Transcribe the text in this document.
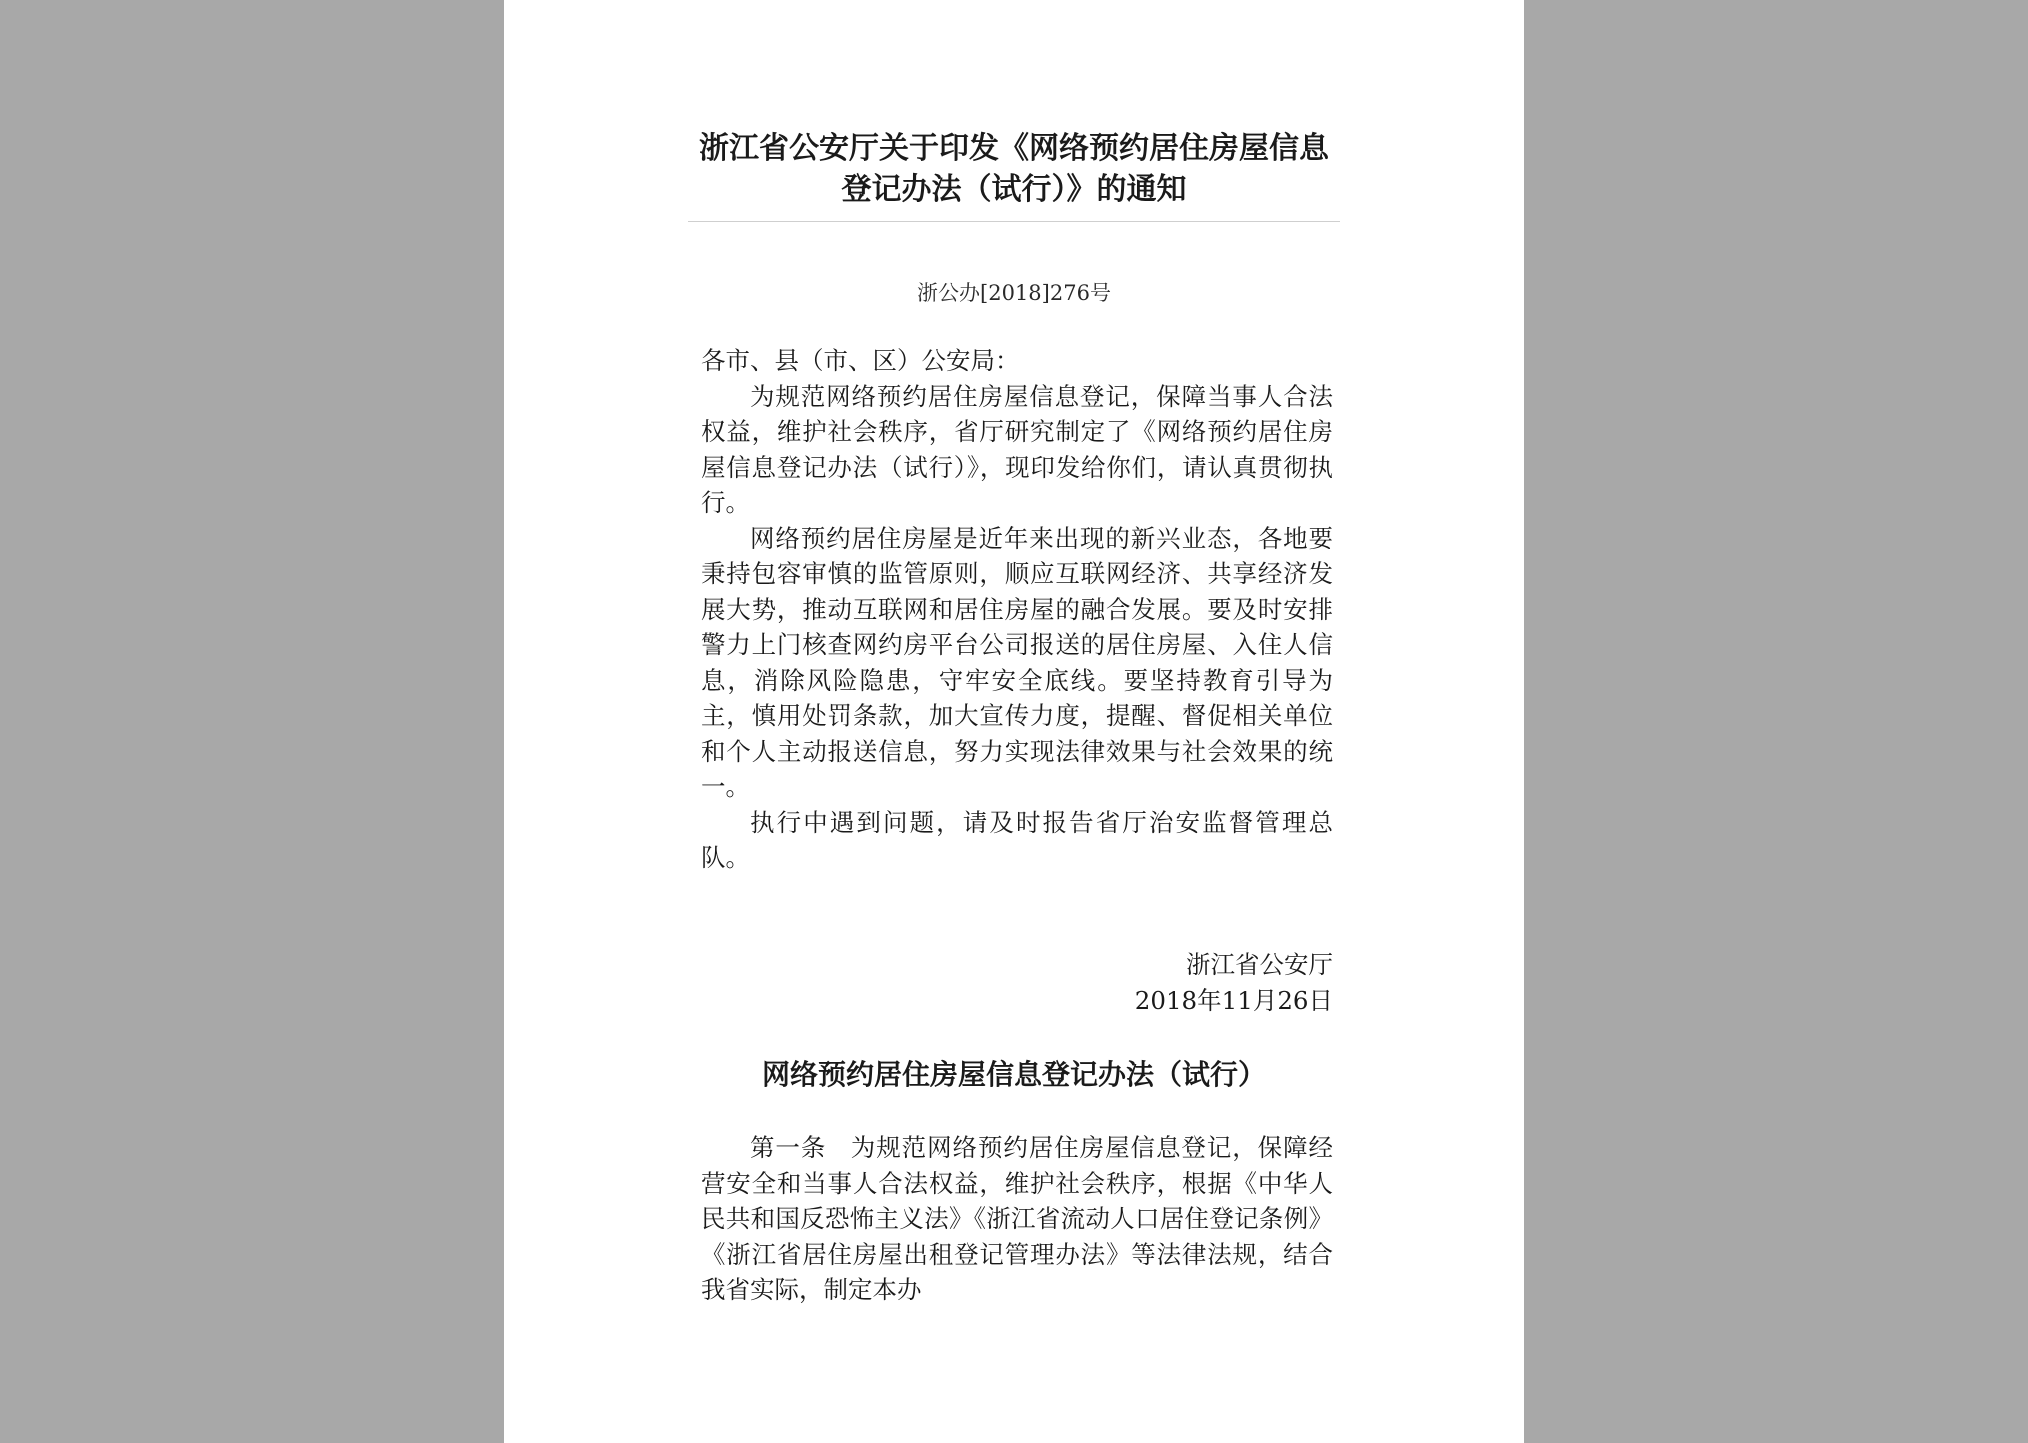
浙江省公安厅关于印发《网络预约居住房屋信息登记办法（试行）》的通知
浙公办[2018]276号

各市、县（市、区）公安局：

为规范网络预约居住房屋信息登记，保障当事人合法权益，维护社会秩序，省厅研究制定了《网络预约居住房屋信息登记办法（试行）》，现印发给你们，请认真贯彻执行。

网络预约居住房屋是近年来出现的新兴业态，各地要秉持包容审慎的监管原则，顺应互联网经济、共享经济发展大势，推动互联网和居住房屋的融合发展。要及时安排警力上门核查网约房平台公司报送的居住房屋、入住人信息，消除风险隐患，守牢安全底线。要坚持教育引导为主，慎用处罚条款，加大宣传力度，提醒、督促相关单位和个人主动报送信息，努力实现法律效果与社会效果的统一。

执行中遇到问题，请及时报告省厅治安监督管理总队。

浙江省公安厅
2018年11月26日
网络预约居住房屋信息登记办法（试行）

第一条 为规范网络预约居住房屋信息登记，保障经营安全和当事人合法权益，维护社会秩序，根据《中华人民共和国反恐怖主义法》《浙江省流动人口居住登记条例》《浙江省居住房屋出租登记管理办法》等法律法规，结合我省实际，制定本办
